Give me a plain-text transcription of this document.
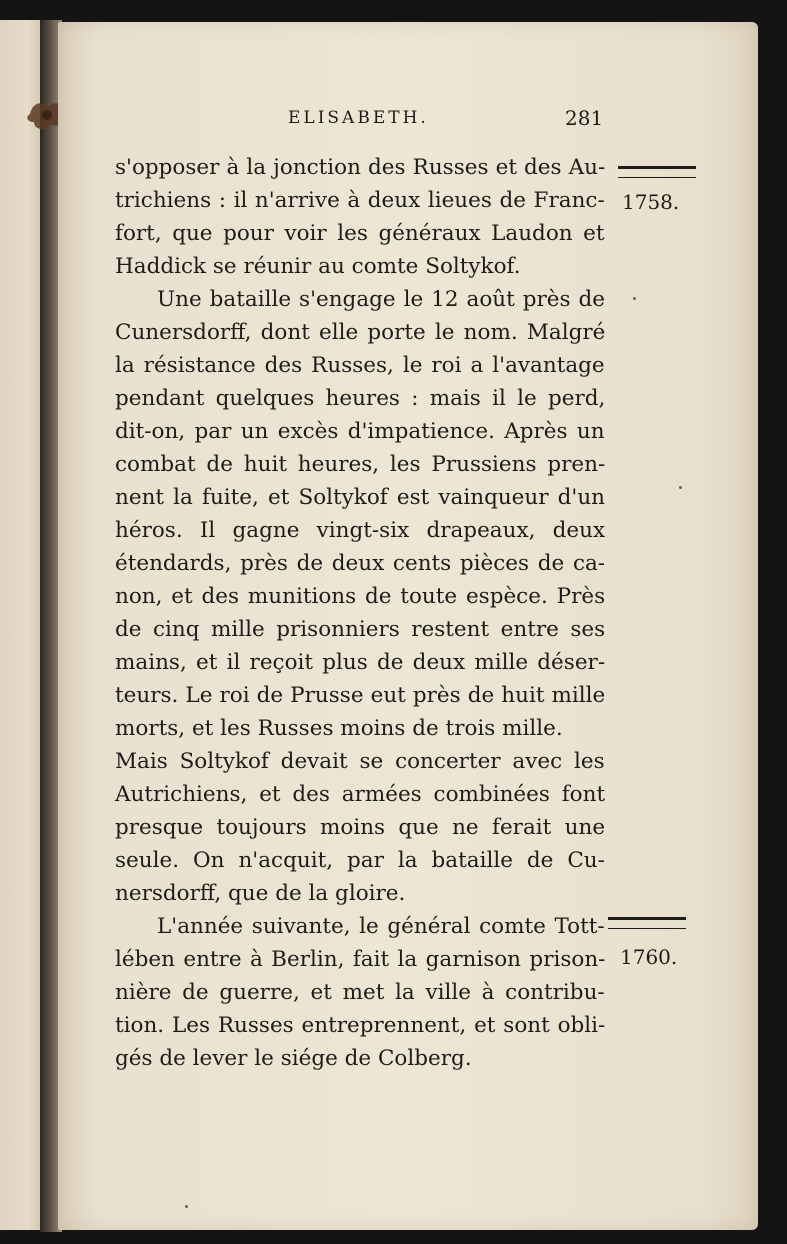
ELISABETH.	281
s'opposer à la jonction des Russes et des Au-
trichiens : il n'arrive à deux lieues de Franc-
fort, que pour voir les généraux Laudon et
Haddick se réunir au comte Soltykof.
Une bataille s'engage le 12 août près de
Cunersdorff, dont elle porte le nom. Malgré
la résistance des Russes, le roi a l'avantage
pendant quelques heures : mais il le perd,
dit-on, par un excès d'impatience. Après un
combat de huit heures, les Prussiens pren-
nent la fuite, et Soltykof est vainqueur d'un
héros. Il gagne vingt-six drapeaux, deux
étendards, près de deux cents pièces de ca-
non, et des munitions de toute espèce. Près
de cinq mille prisonniers restent entre ses
mains, et il reçoit plus de deux mille déser-
teurs. Le roi de Prusse eut près de huit mille
morts, et les Russes moins de trois mille.
Mais Soltykof devait se concerter avec les
Autrichiens, et des armées combinées font
presque toujours moins que ne ferait une
seule. On n'acquit, par la bataille de Cu-
nersdorff, que de la gloire.
L'année suivante, le général comte Tott-
lében entre à Berlin, fait la garnison prison-
nière de guerre, et met la ville à contribu-
tion. Les Russes entreprennent, et sont obli-
gés de lever le siége de Colberg.
1758.
1760.
